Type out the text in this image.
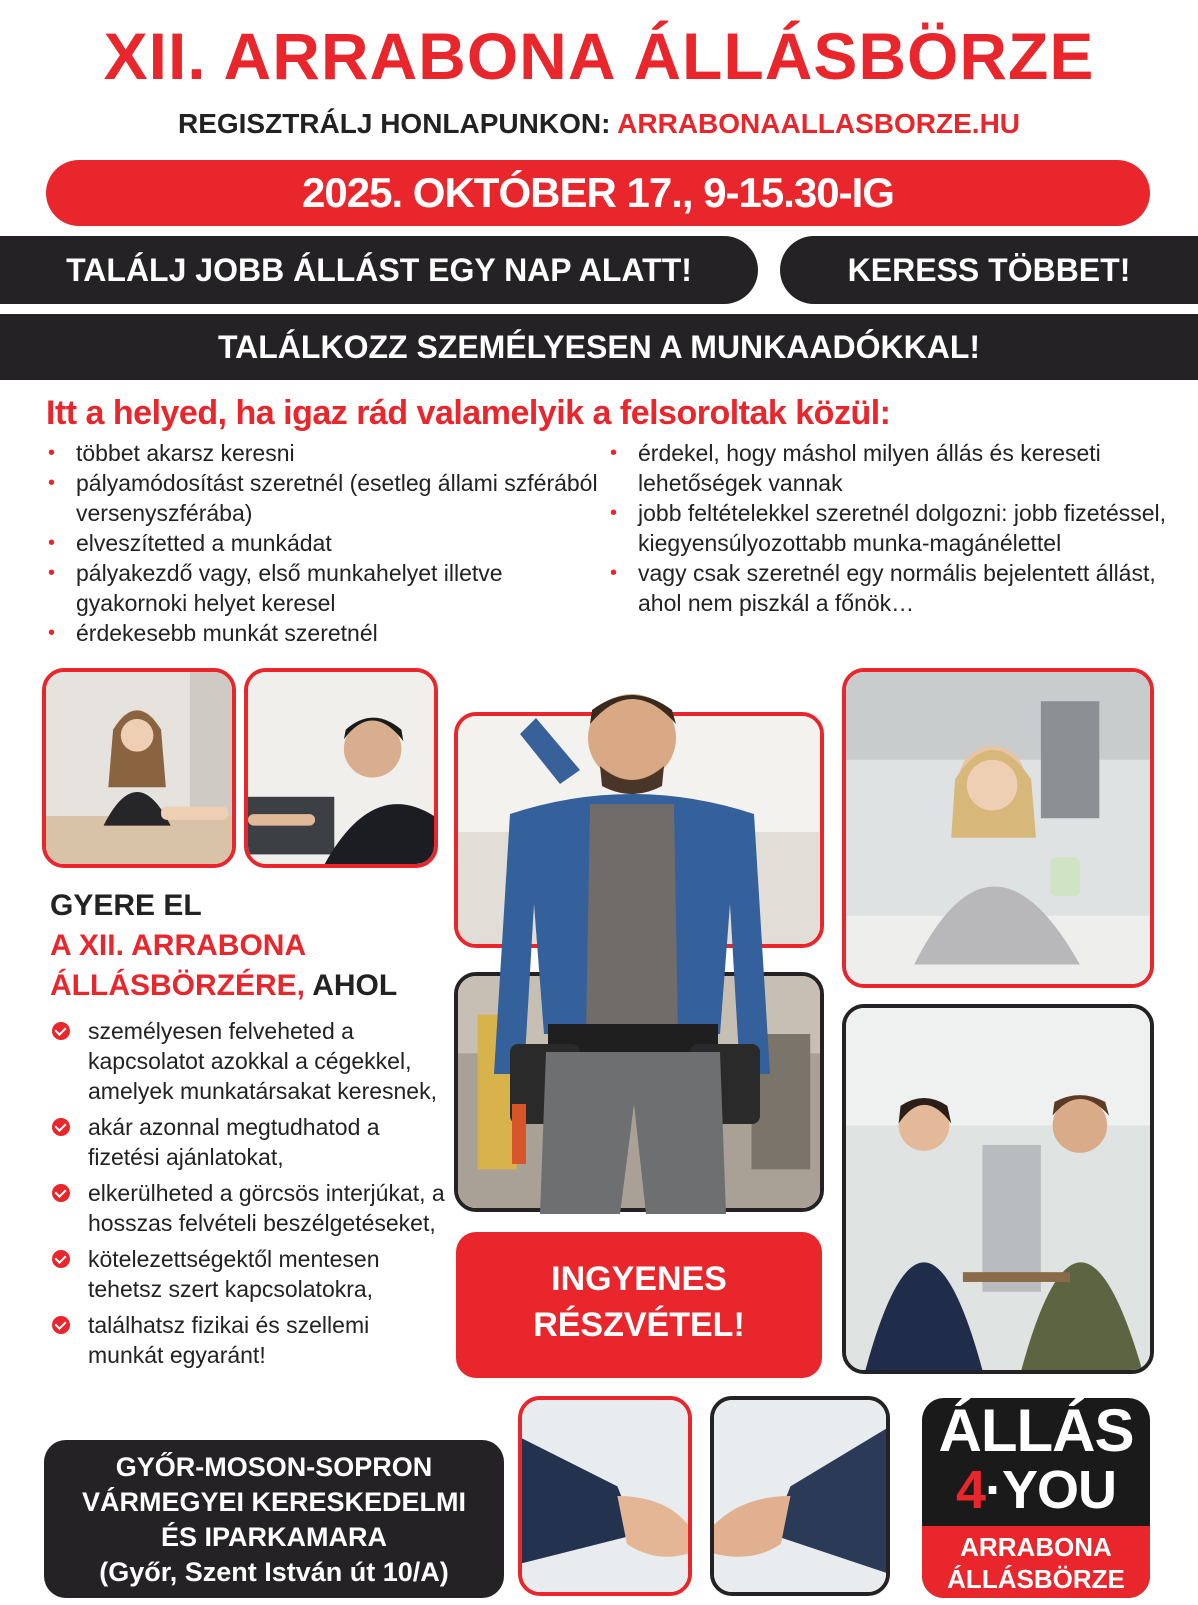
XII. ARRABONA ÁLLÁSBÖRZE
REGISZTRÁLJ HONLAPUNKON: ARRABONAALLASBORZE.HU
2025. OKTÓBER 17., 9-15.30-IG
TALÁLJ JOBB ÁLLÁST EGY NAP ALATT!	KERESS TÖBBET!
TALÁLKOZZ SZEMÉLYESEN A MUNKAADÓKKAL!
Itt a helyed, ha igaz rád valamelyik a felsoroltak közül:
• többet akarsz keresni
• pályamódosítást szeretnél (esetleg állami szférából versenyszférába)
• elveszítetted a munkádat
• pályakezdő vagy, első munkahelyet illetve gyakornoki helyet keresel
• érdekesebb munkát szeretnél
• érdekel, hogy máshol milyen állás és kereseti lehetőségek vannak
• jobb feltételekkel szeretnél dolgozni: jobb fizetéssel, kiegyensúlyozottabb munka-magánélettel
• vagy csak szeretnél egy normális bejelentett állást, ahol nem piszkál a főnök…
GYERE EL
A XII. ARRABONA
ÁLLÁSBÖRZÉRE, AHOL
személyesen felveheted a kapcsolatot azokkal a cégekkel, amelyek munkatársakat keresnek,
akár azonnal megtudhatod a fizetési ajánlatokat,
elkerülheted a görcsös interjúkat, a hosszas felvételi beszélgetéseket,
kötelezettségektől mentesen tehetsz szert kapcsolatokra,
találhatsz fizikai és szellemi munkát egyaránt!
INGYENES
RÉSZVÉTEL!
GYŐR-MOSON-SOPRON
VÁRMEGYEI KERESKEDELMI
ÉS IPARKAMARA
(Győr, Szent István út 10/A)
ÁLLÁS
4·YOU
ARRABONA
ÁLLÁSBÖRZE
